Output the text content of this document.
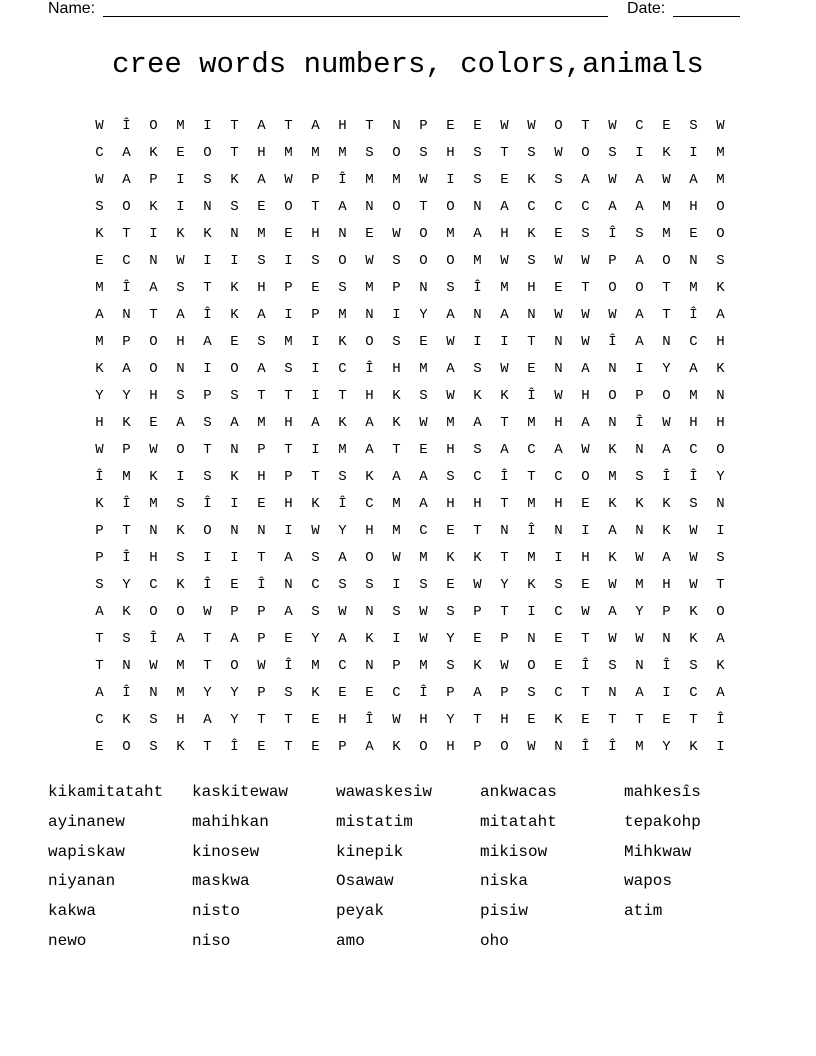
Name:	Date:
cree words numbers, colors,animals
W	Î	O	M	I	T	A	T	A	H	T	N	P	E	E	W	W	O	T	W	C	E	S	W
C	A	K	E	O	T	H	M	M	M	S	O	S	H	S	T	S	W	O	S	I	K	I	M
W	A	P	I	S	K	A	W	P	Î	M	M	W	I	S	E	K	S	A	W	A	W	A	M
S	O	K	I	N	S	E	O	T	A	N	O	T	O	N	A	C	C	C	A	A	M	H	O
K	T	I	K	K	N	M	E	H	N	E	W	O	M	A	H	K	E	S	Î	S	M	E	O
E	C	N	W	I	I	S	I	S	O	W	S	O	O	M	W	S	W	W	P	A	O	N	S
M	Î	A	S	T	K	H	P	E	S	M	P	N	S	Î	M	H	E	T	O	O	T	M	K
A	N	T	A	Î	K	A	I	P	M	N	I	Y	A	N	A	N	W	W	W	A	T	Î	A
M	P	O	H	A	E	S	M	I	K	O	S	E	W	I	I	T	N	W	Î	A	N	C	H
K	A	O	N	I	O	A	S	I	C	Î	H	M	A	S	W	E	N	A	N	I	Y	A	K
Y	Y	H	S	P	S	T	T	I	T	H	K	S	W	K	K	Î	W	H	O	P	O	M	N
H	K	E	A	S	A	M	H	A	K	A	K	W	M	A	T	M	H	A	N	Î	W	H	H
W	P	W	O	T	N	P	T	I	M	A	T	E	H	S	A	C	A	W	K	N	A	C	O
Î	M	K	I	S	K	H	P	T	S	K	A	A	S	C	Î	T	C	O	M	S	Î	Î	Y
K	Î	M	S	Î	I	E	H	K	Î	C	M	A	H	H	T	M	H	E	K	K	K	S	N
P	T	N	K	O	N	N	I	W	Y	H	M	C	E	T	N	Î	N	I	A	N	K	W	I
P	Î	H	S	I	I	T	A	S	A	O	W	M	K	K	T	M	I	H	K	W	A	W	S
S	Y	C	K	Î	E	Î	N	C	S	S	I	S	E	W	Y	K	S	E	W	M	H	W	T
A	K	O	O	W	P	P	A	S	W	N	S	W	S	P	T	I	C	W	A	Y	P	K	O
T	S	Î	A	T	A	P	E	Y	A	K	I	W	Y	E	P	N	E	T	W	W	N	K	A
T	N	W	M	T	O	W	Î	M	C	N	P	M	S	K	W	O	E	Î	S	N	Î	S	K
A	Î	N	M	Y	Y	P	S	K	E	E	C	Î	P	A	P	S	C	T	N	A	I	C	A
C	K	S	H	A	Y	T	T	E	H	Î	W	H	Y	T	H	E	K	E	T	T	E	T	Î
E	O	S	K	T	Î	E	T	E	P	A	K	O	H	P	O	W	N	Î	Î	M	Y	K	I
kikamitataht	kaskitewaw	wawaskesiw	ankwacas	mahkesîs
ayinanew	mahihkan	mistatim	mitataht	tepakohp
wapiskaw	kinosew	kinepik	mikisow	Mihkwaw
niyanan	maskwa	Osawaw	niska	wapos
kakwa	nisto	peyak	pisiw	atim
newo	niso	amo	oho
